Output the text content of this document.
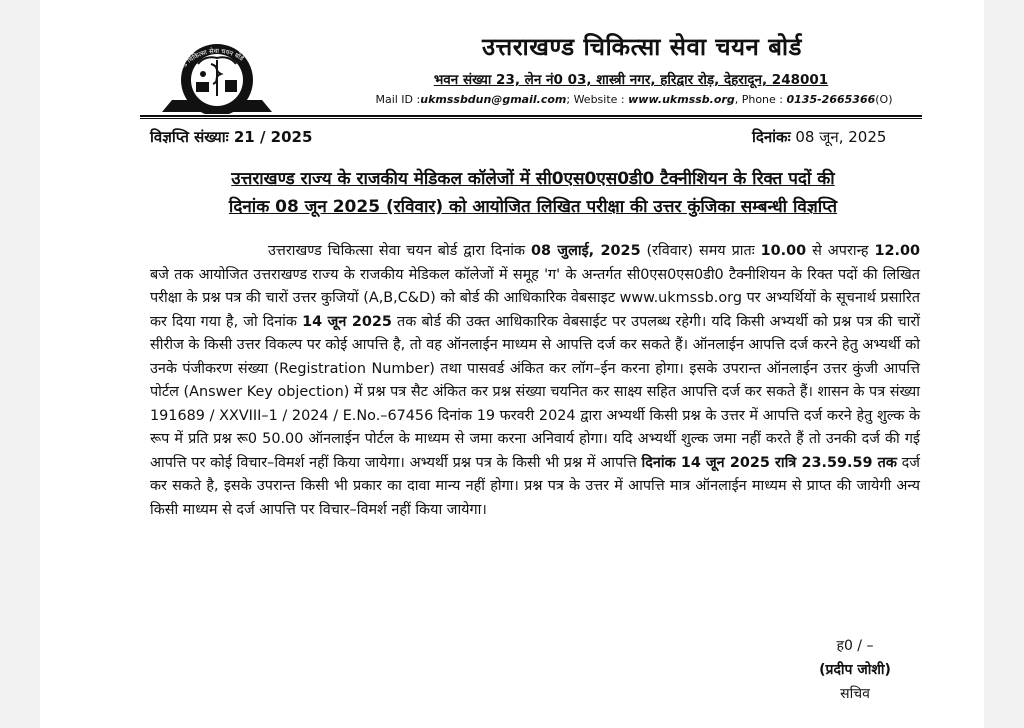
उत्तराखण्ड चिकित्सा सेवा चयन बोर्ड	उत्तराखण्ड चिकित्सा सेवा चयन बोर्ड
भवन संख्या 23, लेन नं0 03, शास्त्री नगर, हरिद्वार रोड़, देहरादून, 248001
Mail ID :ukmssbdun@gmail.com; Website : www.ukmssb.org, Phone : 0135-2665366(O)
विज्ञप्ति संख्याः 21 / 2025	दिनांकः 08 जून, 2025
उत्तराखण्ड राज्य के राजकीय मेडिकल कॉलेजों में सी0एस0एस0डी0 टैक्नीशियन के रिक्त पदों की
दिनांक 08 जून 2025 (रविवार) को आयोजित लिखित परीक्षा की उत्तर कुंजिका सम्बन्धी विज्ञप्ति
उत्तराखण्ड चिकित्सा सेवा चयन बोर्ड द्वारा दिनांक 08 जुलाई, 2025 (रविवार) समय प्रातः 10.00 से अपरान्ह 12.00 बजे तक आयोजित उत्तराखण्ड राज्य के राजकीय मेडिकल कॉलेजों में समूह 'ग' के अन्तर्गत सी0एस0एस0डी0 टैक्नीशियन के रिक्त पदों की लिखित परीक्षा के प्रश्न पत्र की चारों उत्तर कुजियों (A,B,C&D) को बोर्ड की आधिकारिक वेबसाइट www.ukmssb.org पर अभ्यर्थियों के सूचनार्थ प्रसारित कर दिया गया है, जो दिनांक 14 जून 2025 तक बोर्ड की उक्त आधिकारिक वेबसाईट पर उपलब्ध रहेगी। यदि किसी अभ्यर्थी को प्रश्न पत्र की चारों सीरीज के किसी उत्तर विकल्प पर कोई आपत्ति है, तो वह ऑनलाईन माध्यम से आपत्ति दर्ज कर सकते हैं। ऑनलाईन आपत्ति दर्ज करने हेतु अभ्यर्थी को उनके पंजीकरण संख्या (Registration Number) तथा पासवर्ड अंकित कर लॉग–ईन करना होगा। इसके उपरान्त ऑनलाईन उत्तर कुंजी आपत्ति पोर्टल (Answer Key objection) में प्रश्न पत्र सैट अंकित कर प्रश्न संख्या चयनित कर साक्ष्य सहित आपत्ति दर्ज कर सकते हैं। शासन के पत्र संख्या 191689 / XXVIII–1 / 2024 / E.No.–67456 दिनांक 19 फरवरी 2024 द्वारा अभ्यर्थी किसी प्रश्न के उत्तर में आपत्ति दर्ज करने हेतु शुल्क के रूप में प्रति प्रश्न रू0 50.00 ऑनलाईन पोर्टल के माध्यम से जमा करना अनिवार्य होगा। यदि अभ्यर्थी शुल्क जमा नहीं करते हैं तो उनकी दर्ज की गई आपत्ति पर कोई विचार–विमर्श नहीं किया जायेगा। अभ्यर्थी प्रश्न पत्र के किसी भी प्रश्न में आपत्ति दिनांक 14 जून 2025 रात्रि 23.59.59 तक दर्ज कर सकते है, इसके उपरान्त किसी भी प्रकार का दावा मान्य नहीं होगा। प्रश्न पत्र के उत्तर में आपत्ति मात्र ऑनलाईन माध्यम से प्राप्त की जायेगी अन्य किसी माध्यम से दर्ज आपत्ति पर विचार–विमर्श नहीं किया जायेगा।
ह0 / –
(प्रदीप जोशी)
सचिव
